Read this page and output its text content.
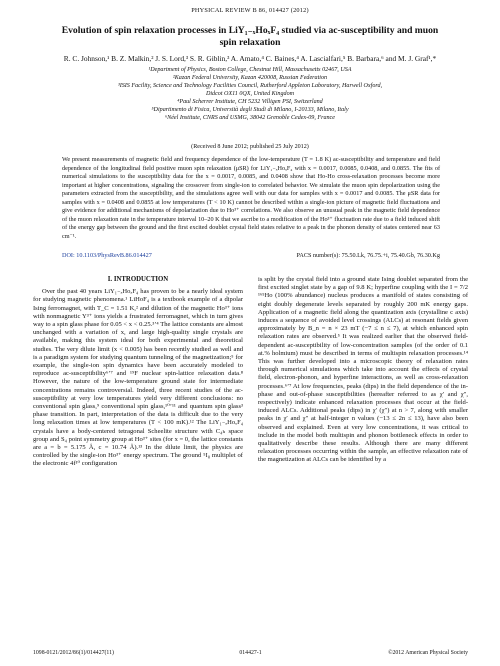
PHYSICAL REVIEW B 86, 014427 (2012)
Evolution of spin relaxation processes in LiY₁₋ₓHoₓF₄ studied via ac-susceptibility and muon spin relaxation
R. C. Johnson,¹ B. Z. Malkin,² J. S. Lord,³ S. R. Giblin,³ A. Amato,⁴ C. Baines,⁴ A. Lascialfari,⁵ B. Barbara,⁶ and M. J. Graf¹,*
¹Department of Physics, Boston College, Chestnut Hill, Massachusetts 02467, USA
²Kazan Federal University, Kazan 420008, Russian Federation
³ISIS Facility, Science and Technology Facilities Council, Rutherford Appleton Laboratory, Harwell Oxford,
Didcot OX11 0QX, United Kingdom
⁴Paul Scherrer Institute, CH 5232 Villigen PSI, Switzerland
⁵Dipartimento di Fisica, Università degli Studi di Milano, I-20133, Milano, Italy
⁶Néel Institute, CNRS and USMG, 38042 Grenoble Cedex-09, France
(Received 8 June 2012; published 25 July 2012)
We present measurements of magnetic field and frequency dependence of the low-temperature (T = 1.8 K) ac-susceptibility and temperature and field dependence of the longitudinal field positive muon spin relaxation (μSR) for LiY₁₋ₓHoₓF₄ with x = 0.0017, 0.0085, 0.0408, and 0.0855. The fits of numerical simulations to the susceptibility data for the x = 0.0017, 0.0085, and 0.0408 show that Ho-Ho cross-relaxation processes become more important at higher concentrations, signaling the crossover from single-ion to correlated behavior. We simulate the muon spin depolarization using the parameters extracted from the susceptibility, and the simulations agree well with our data for samples with x = 0.0017 and 0.0085. The μSR data for samples with x = 0.0408 and 0.0855 at low temperatures (T < 10 K) cannot be described within a single-ion picture of magnetic field fluctuations and give evidence for additional mechanisms of depolarization due to Ho³⁺ correlations. We also observe an unusual peak in the magnetic field dependence of the muon relaxation rate in the temperature interval 10–20 K that we ascribe to a modification of the Ho³⁺ fluctuation rate due to a field induced shift of the energy gap between the ground and the first excited doublet crystal field states relative to a peak in the phonon density of states centered near 63 cm⁻¹.
DOI: 10.1103/PhysRevB.86.014427	PACS number(s): 75.50.Lk, 76.75.+i, 75.40.Gb, 76.30.Kg
I. INTRODUCTION

Over the past 40 years LiY₁₋ₓHoₓF₄ has proven to be a nearly ideal system for studying magnetic phenomena.¹ LiHoF₄ is a textbook example of a dipolar Ising ferromagnet, with T_C = 1.51 K,² and dilution of the magnetic Ho³⁺ ions with nonmagnetic Y³⁺ ions yields a frustrated ferromagnet, which in turn gives way to a spin glass phase for 0.05 < x < 0.25.³ʼ⁴ The lattice constants are almost unchanged with a variation of x, and large high-quality single crystals are available, making this system ideal for both experimental and theoretical studies. The very dilute limit (x < 0.005) has been recently studied as well and is a paradigm system for studying quantum tunneling of the magnetization;⁵ for example, the single-ion spin dynamics have been accurately modeled to reproduce ac-susceptibility⁶ʼ⁷ and ¹⁹F nuclear spin-lattice relaxation data.⁸ However, the nature of the low-temperature ground state for intermediate concentrations remains controversial. Indeed, three recent studies of the ac-susceptibility at very low temperatures yield very different conclusions: no conventional spin glass,⁹ conventional spin glass,¹⁰ʼ¹¹ and quantum spin glass³ phase transition. In part, interpretation of the data is difficult due to the very long relaxation times at low temperatures (T < 100 mK).¹² The LiY₁₋ₓHoₓF₄ crystals have a body-centered tetragonal Scheelite structure with C₄ₕ space group and S₄ point symmetry group at Ho³⁺ sites (for x = 0, the lattice constants are a = b = 5.175 Å, c = 10.74 Å).¹³ In the dilute limit, the physics are controlled by the single-ion Ho³⁺ energy spectrum. The ground ⁵I₈ multiplet of the electronic 4f¹⁰ configuration

is split by the crystal field into a ground state Ising doublet separated from the first excited singlet state by a gap of 9.8 K; hyperfine coupling with the I = 7/2 ¹⁶⁵Ho (100% abundance) nucleus produces a manifold of states consisting of eight doubly degenerate levels separated by roughly 200 mK energy gaps. Application of a magnetic field along the quantization axis (crystalline c axis) induces a sequence of avoided level crossings (ALCs) at resonant fields given approximately by B_n = n × 23 mT (−7 ≤ n ≤ 7), at which enhanced spin relaxation rates are observed.⁵ It was realized earlier that the observed field-dependent ac-susceptibility of low-concentration samples (of the order of 0.1 at.% holmium) must be described in terms of multispin relaxation processes.¹⁴ This was further developed into a microscopic theory of relaxation rates through numerical simulations which take into account the effects of crystal field, electron-phonon, and hyperfine interactions, as well as cross-relaxation processes.⁶ʼ⁷ At low frequencies, peaks (dips) in the field dependence of the in-phase and out-of-phase susceptibilities (hereafter referred to as χ′ and χ″, respectively) indicate enhanced relaxation processes that occur at the field-induced ALCs. Additional peaks (dips) in χ′ (χ″) at n > 7, along with smaller peaks in χ′ and χ″ at half-integer n values (−13 ≤ 2n ≤ 13), have also been observed and explained. Even at very low concentrations, it was critical to include in the model both multispin and phonon bottleneck effects in order to qualitatively describe these results. Although there are many different relaxation processes occurring within the sample, an effective relaxation rate of the magnetization at ALCs can be identified by a

1098-0121/2012/86(1)/014427(11)	014427-1	©2012 American Physical Society
